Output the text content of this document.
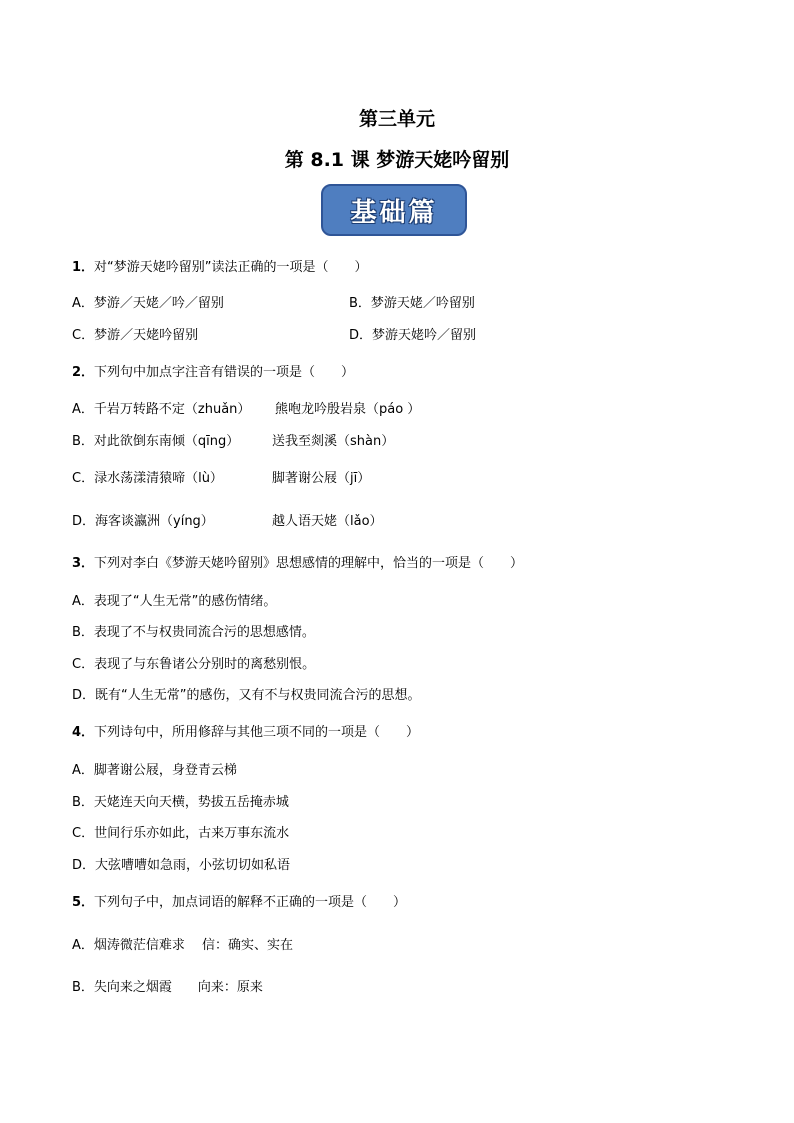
第三单元
第 8.1 课 梦游天姥吟留别
基础篇
1．对“梦游天姥吟留别”读法正确的一项是（　　）
A．梦游／天姥／吟／留别	B．梦游天姥／吟留别
C．梦游／天姥吟留别	D．梦游天姥吟／留别
2．下列句中加点字注音有错误的一项是（　　）
A．千岩万转路不定（zhuǎn） 熊咆龙吟殷岩泉（páo ）
B．对此欲倒东南倾（qīng）	送我至剡溪（shàn）
C．渌水荡漾清猿啼（lù）	脚著谢公屐（jī）
D．海客谈瀛洲（yíng）	越人语天姥（lǎo）
3．下列对李白《梦游天姥吟留别》思想感情的理解中，恰当的一项是（　　）
A．表现了“人生无常”的感伤情绪。
B．表现了不与权贵同流合污的思想感情。
C．表现了与东鲁诸公分别时的离愁别恨。
D．既有“人生无常”的感伤，又有不与权贵同流合污的思想。
4．下列诗句中，所用修辞与其他三项不同的一项是（　　）
A．脚著谢公屐，身登青云梯
B．天姥连天向天横，势拔五岳掩赤城
C．世间行乐亦如此，古来万事东流水
D．大弦嘈嘈如急雨，小弦切切如私语
5．下列句子中，加点词语的解释不正确的一项是（　　）
A．烟涛微茫信难求　 信：确实、实在
B．失向来之烟霞　　向来：原来
